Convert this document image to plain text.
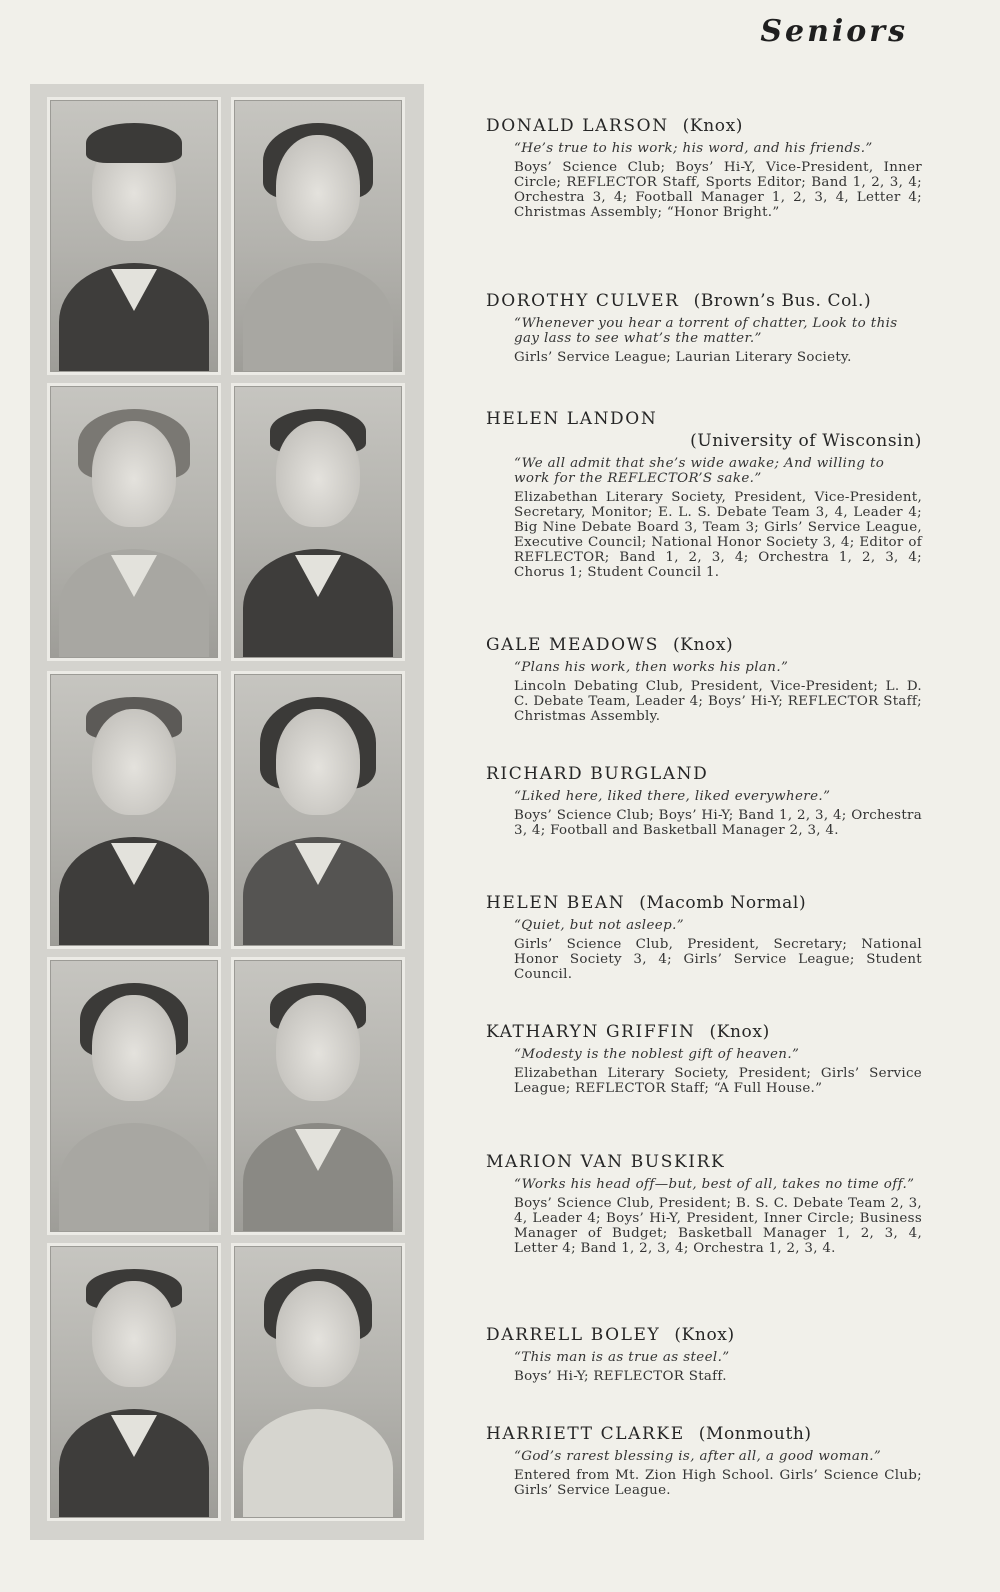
Seniors
DONALD LARSON (Knox)
“He’s true to his work; his word, and his friends.”
Boys’ Science Club; Boys’ Hi-Y, Vice-President, Inner Circle; REFLECTOR Staff, Sports Editor; Band 1, 2, 3, 4; Orchestra 3, 4; Football Manager 1, 2, 3, 4, Letter 4; Christmas Assembly; “Honor Bright.”
DOROTHY CULVER (Brown’s Bus. Col.)
“Whenever you hear a torrent of chatter, Look to this gay lass to see what’s the matter.”
Girls’ Service League; Laurian Literary Society.
HELEN LANDON
(University of Wisconsin)
“We all admit that she’s wide awake; And willing to work for the REFLECTOR’S sake.”
Elizabethan Literary Society, President, Vice-President, Secretary, Monitor; E. L. S. Debate Team 3, 4, Leader 4; Big Nine Debate Board 3, Team 3; Girls’ Service League, Executive Council; National Honor Society 3, 4; Editor of REFLECTOR; Band 1, 2, 3, 4; Orchestra 1, 2, 3, 4; Chorus 1; Student Council 1.
GALE MEADOWS (Knox)
“Plans his work, then works his plan.”
Lincoln Debating Club, President, Vice-President; L. D. C. Debate Team, Leader 4; Boys’ Hi-Y; REFLECTOR Staff; Christmas Assembly.
RICHARD BURGLAND
“Liked here, liked there, liked everywhere.”
Boys’ Science Club; Boys’ Hi-Y; Band 1, 2, 3, 4; Orchestra 3, 4; Football and Basketball Manager 2, 3, 4.
HELEN BEAN (Macomb Normal)
“Quiet, but not asleep.”
Girls’ Science Club, President, Secretary; National Honor Society 3, 4; Girls’ Service League; Student Council.
KATHARYN GRIFFIN (Knox)
“Modesty is the noblest gift of heaven.”
Elizabethan Literary Society, President; Girls’ Service League; REFLECTOR Staff; “A Full House.”
MARION VAN BUSKIRK
“Works his head off—but, best of all, takes no time off.”
Boys’ Science Club, President; B. S. C. Debate Team 2, 3, 4, Leader 4; Boys’ Hi-Y, President, Inner Circle; Business Manager of Budget; Basketball Manager 1, 2, 3, 4, Letter 4; Band 1, 2, 3, 4; Orchestra 1, 2, 3, 4.
DARRELL BOLEY (Knox)
“This man is as true as steel.”
Boys’ Hi-Y; REFLECTOR Staff.
HARRIETT CLARKE (Monmouth)
“God’s rarest blessing is, after all, a good woman.”
Entered from Mt. Zion High School. Girls’ Science Club; Girls’ Service League.
